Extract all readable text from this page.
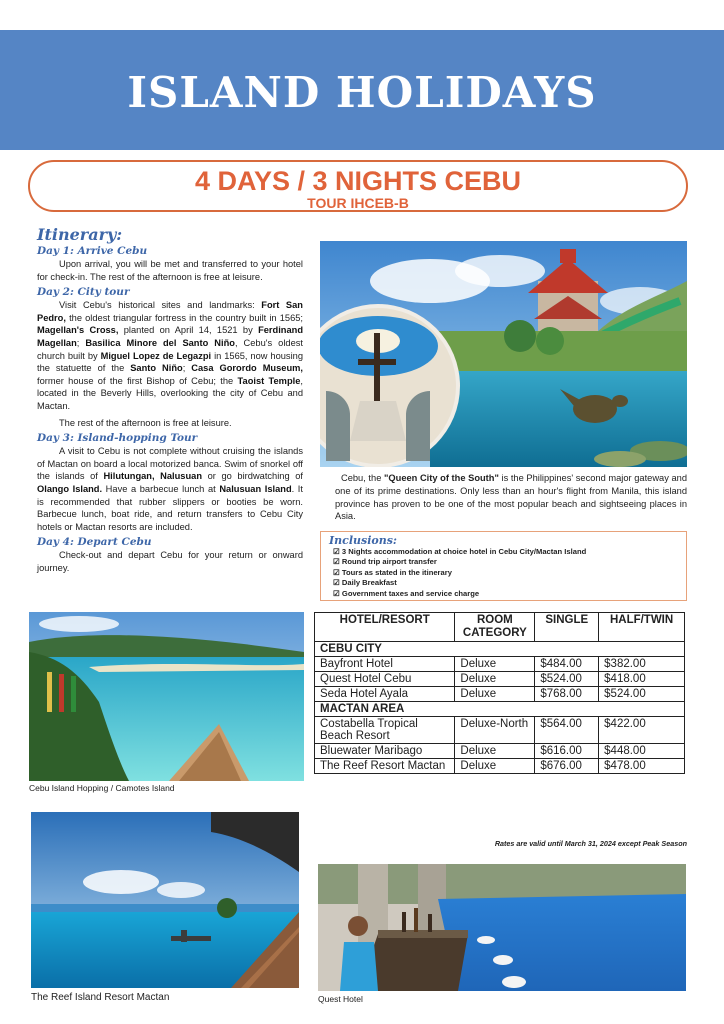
ISLAND HOLIDAYS
4 DAYS / 3 NIGHTS CEBU
TOUR IHCEB-B
Itinerary:
Day 1: Arrive Cebu

Upon arrival, you will be met and transferred to your hotel for check-in. The rest of the afternoon is free at leisure.

Day 2: City tour

Visit Cebu's historical sites and landmarks: Fort San Pedro, the oldest triangular fortress in the country built in 1565; Magellan's Cross, planted on April 14, 1521 by Ferdinand Magellan; Basilica Minore del Santo Niño, Cebu's oldest church built by Miguel Lopez de Legazpi in 1565, now housing the statuette of the Santo Niño; Casa Gorordo Museum, former house of the first Bishop of Cebu; the Taoist Temple, located in the Beverly Hills, overlooking the city of Cebu and Mactan.

The rest of the afternoon is free at leisure.

Day 3: Island-hopping Tour

A visit to Cebu is not complete without cruising the islands of Mactan on board a local motorized banca. Swim of snorkel off the islands of Hilutungan, Nalusuan or go birdwatching of Olango Island. Have a barbecue lunch at Nalusuan Island. It is recommended that rubber slippers or booties be worn. Barbecue lunch, boat ride, and return transfers to Cebu City hotels or Mactan resorts are included.

Day 4: Depart Cebu

Check-out and depart Cebu for your return or onward journey.

Cebu, the "Queen City of the South" is the Philippines' second major gateway and one of its prime destinations. Only less than an hour's flight from Manila, this island province has proven to be one of the most popular beach and sightseeing places in Asia.
Inclusions:
☑ 3 Nights accommodation at choice hotel in Cebu City/Mactan Island
☑ Round trip airport transfer
☑ Tours as stated in the itinerary
☑ Daily Breakfast
☑ Government taxes and service charge
Cebu Island Hopping / Camotes Island
HOTEL/RESORT	ROOM CATEGORY	SINGLE	HALF/TWIN
CEBU CITY			
Bayfront Hotel	Deluxe	$484.00	$382.00
Quest Hotel Cebu	Deluxe	$524.00	$418.00
Seda Hotel Ayala	Deluxe	$768.00	$524.00
MACTAN AREA			
Costabella Tropical Beach Resort	Deluxe-North	$564.00	$422.00
Bluewater Maribago	Deluxe	$616.00	$448.00
The Reef Resort Mactan	Deluxe	$676.00	$478.00
Rates are valid until March 31, 2024 except Peak Season
The Reef Island Resort Mactan	Quest Hotel
